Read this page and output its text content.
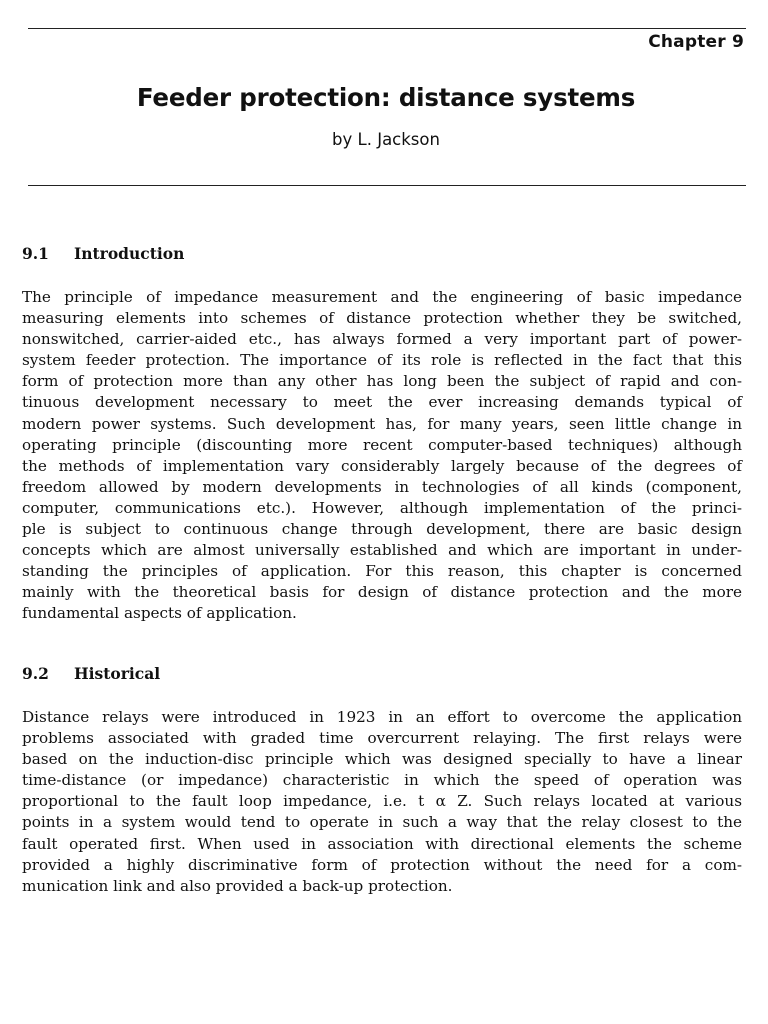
Chapter 9
Feeder protection: distance systems
by L. Jackson
9.1 Introduction
The principle of impedance measurement and the engineering of basic impedance
measuring elements into schemes of distance protection whether they be switched,
nonswitched, carrier-aided etc., has always formed a very important part of power-
system feeder protection. The importance of its role is reflected in the fact that this
form of protection more than any other has long been the subject of rapid and con-
tinuous development necessary to meet the ever increasing demands typical of
modern power systems. Such development has, for many years, seen little change in
operating principle (discounting more recent computer-based techniques) although
the methods of implementation vary considerably largely because of the degrees of
freedom allowed by modern developments in technologies of all kinds (component,
computer, communications etc.). However, although implementation of the princi-
ple is subject to continuous change through development, there are basic design
concepts which are almost universally established and which are important in under-
standing the principles of application. For this reason, this chapter is concerned
mainly with the theoretical basis for design of distance protection and the more
fundamental aspects of application.
9.2 Historical
Distance relays were introduced in 1923 in an effort to overcome the application
problems associated with graded time overcurrent relaying. The first relays were
based on the induction-disc principle which was designed specially to have a linear
time-distance (or impedance) characteristic in which the speed of operation was
proportional to the fault loop impedance, i.e. t α Z. Such relays located at various
points in a system would tend to operate in such a way that the relay closest to the
fault operated first. When used in association with directional elements the scheme
provided a highly discriminative form of protection without the need for a com-
munication link and also provided a back-up protection.
